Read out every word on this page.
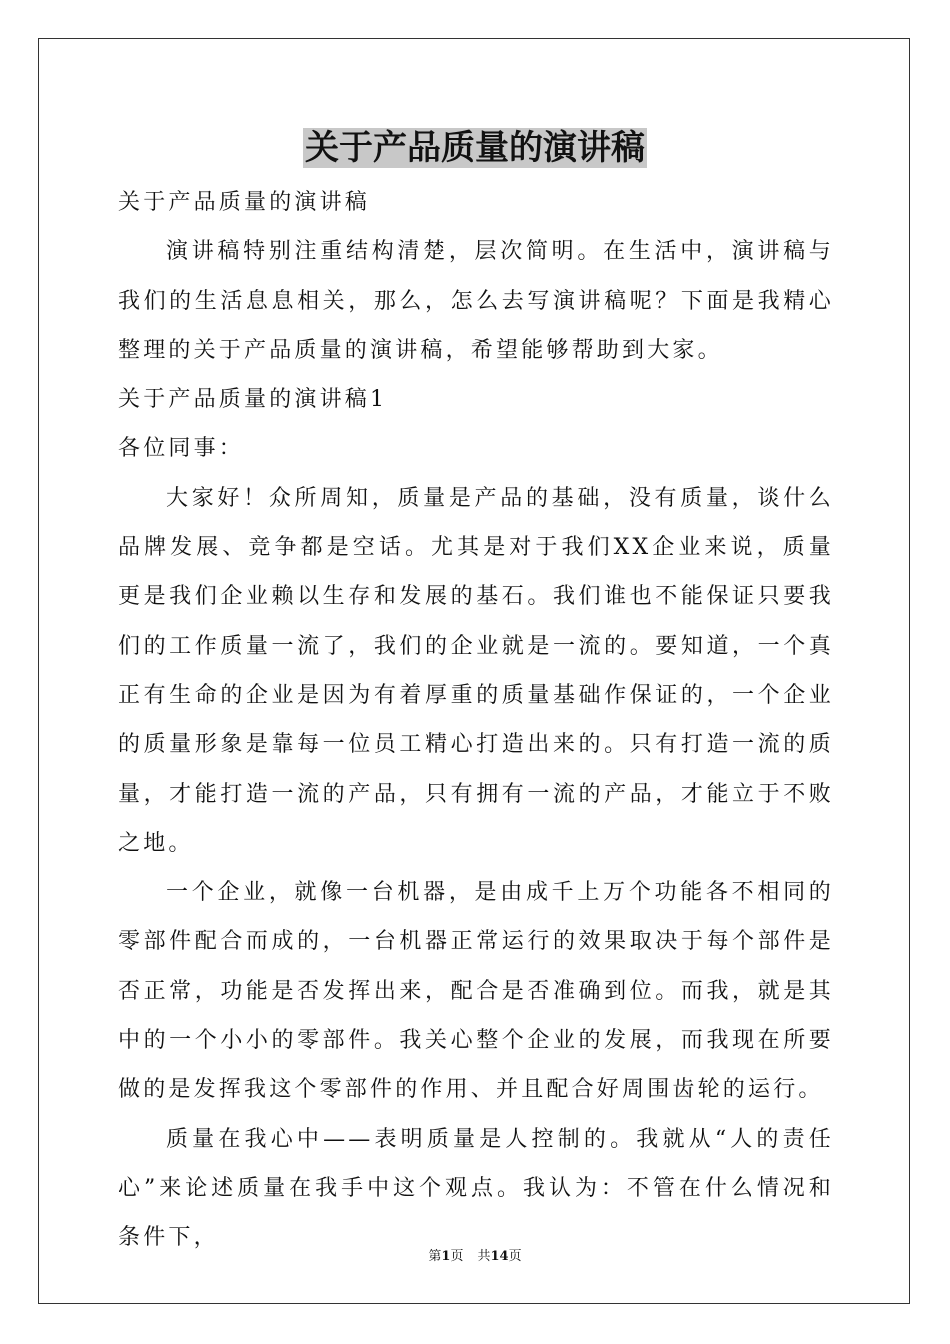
关于产品质量的演讲稿

关于产品质量的演讲稿

演讲稿特别注重结构清楚，层次简明。在生活中，演讲稿与我们的生活息息相关，那么，怎么去写演讲稿呢？下面是我精心整理的关于产品质量的演讲稿，希望能够帮助到大家。

关于产品质量的演讲稿1

各位同事：

大家好！众所周知，质量是产品的基础，没有质量，谈什么品牌发展、竞争都是空话。尤其是对于我们XX企业来说，质量更是我们企业赖以生存和发展的基石。我们谁也不能保证只要我们的工作质量一流了，我们的企业就是一流的。要知道，一个真正有生命的企业是因为有着厚重的质量基础作保证的，一个企业的质量形象是靠每一位员工精心打造出来的。只有打造一流的质量，才能打造一流的产品，只有拥有一流的产品，才能立于不败之地。

一个企业，就像一台机器，是由成千上万个功能各不相同的零部件配合而成的，一台机器正常运行的效果取决于每个部件是否正常，功能是否发挥出来，配合是否准确到位。而我，就是其中的一个小小的零部件。我关心整个企业的发展，而我现在所要做的是发挥我这个零部件的作用、并且配合好周围齿轮的运行。

质量在我心中——表明质量是人控制的。我就从“人的责任心”来论述质量在我手中这个观点。我认为：不管在什么情况和条件下，

第1页 共14页
